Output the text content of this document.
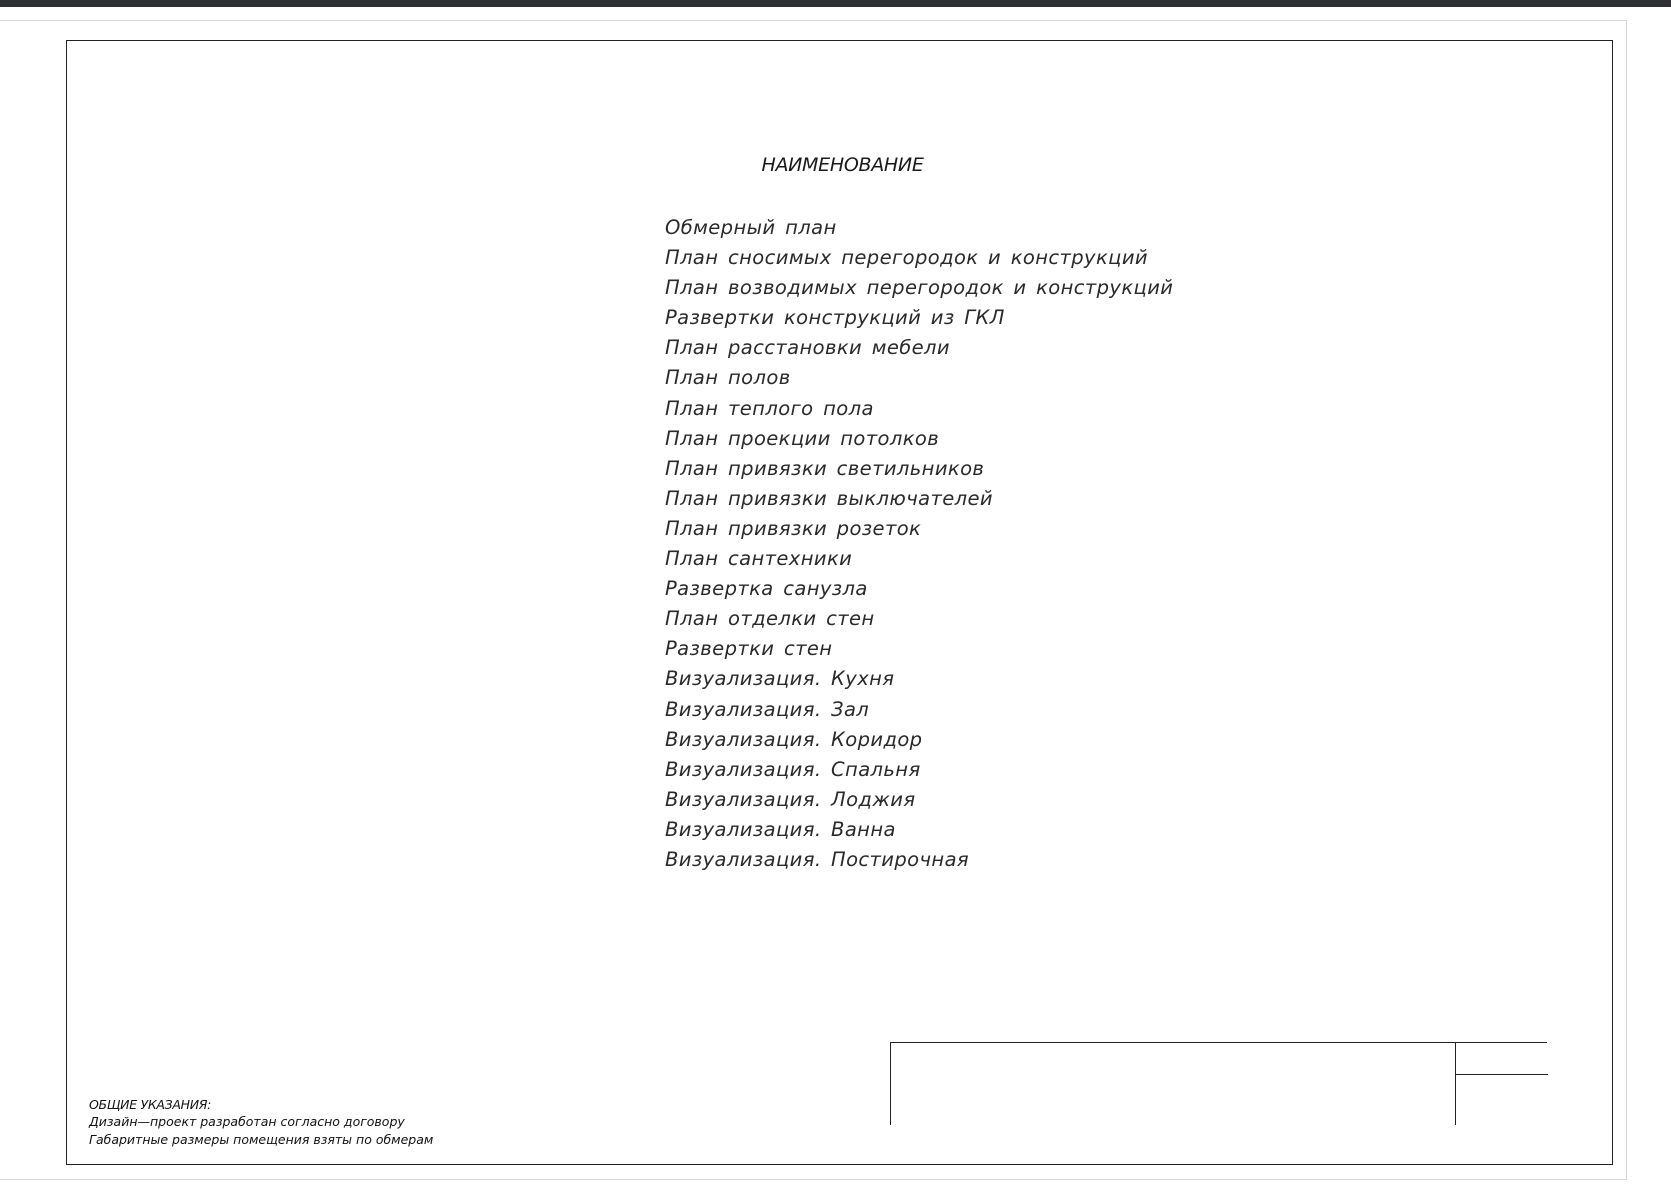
НАИМЕНОВАНИЕ
Обмерный план
План сносимых перегородок и конструкций
План возводимых перегородок и конструкций
Развертки конструкций из ГКЛ
План расстановки мебели
План полов
План теплого пола
План проекции потолков
План привязки светильников
План привязки выключателей
План привязки розеток
План сантехники
Развертка санузла
План отделки стен
Развертки стен
Визуализация. Кухня
Визуализация. Зал
Визуализация. Коридор
Визуализация. Спальня
Визуализация. Лоджия
Визуализация. Ванна
Визуализация. Постирочная
ОБЩИЕ УКАЗАНИЯ:
Дизайн—проект разработан согласно договору
Габаритные размеры помещения взяты по обмерам
